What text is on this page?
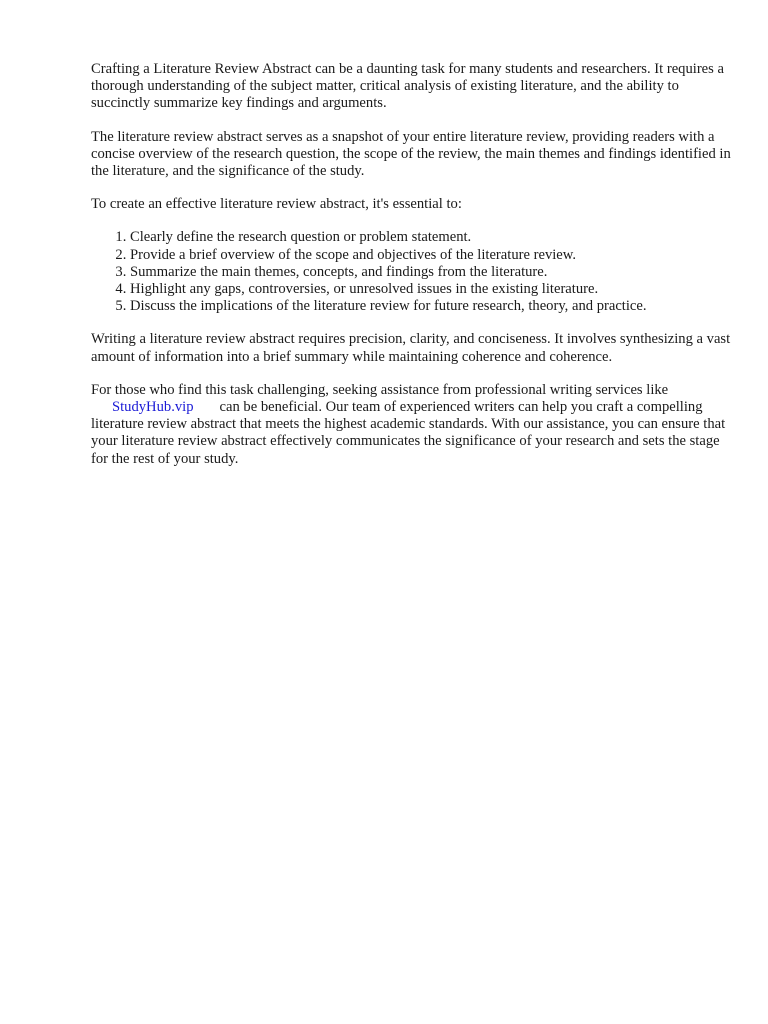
Crafting a Literature Review Abstract can be a daunting task for many students and researchers. It requires a thorough understanding of the subject matter, critical analysis of existing literature, and the ability to succinctly summarize key findings and arguments.

The literature review abstract serves as a snapshot of your entire literature review, providing readers with a concise overview of the research question, the scope of the review, the main themes and findings identified in the literature, and the significance of the study.

To create an effective literature review abstract, it's essential to:

1. Clearly define the research question or problem statement.
2. Provide a brief overview of the scope and objectives of the literature review.
3. Summarize the main themes, concepts, and findings from the literature.
4. Highlight any gaps, controversies, or unresolved issues in the existing literature.
5. Discuss the implications of the literature review for future research, theory, and practice.

Writing a literature review abstract requires precision, clarity, and conciseness. It involves synthesizing a vast amount of information into a brief summary while maintaining coherence and coherence.

For those who find this task challenging, seeking assistance from professional writing services like
StudyHub.vip can be beneficial. Our team of experienced writers can help you craft a compelling literature review abstract that meets the highest academic standards. With our assistance, you can ensure that your literature review abstract effectively communicates the significance of your research and sets the stage for the rest of your study.
